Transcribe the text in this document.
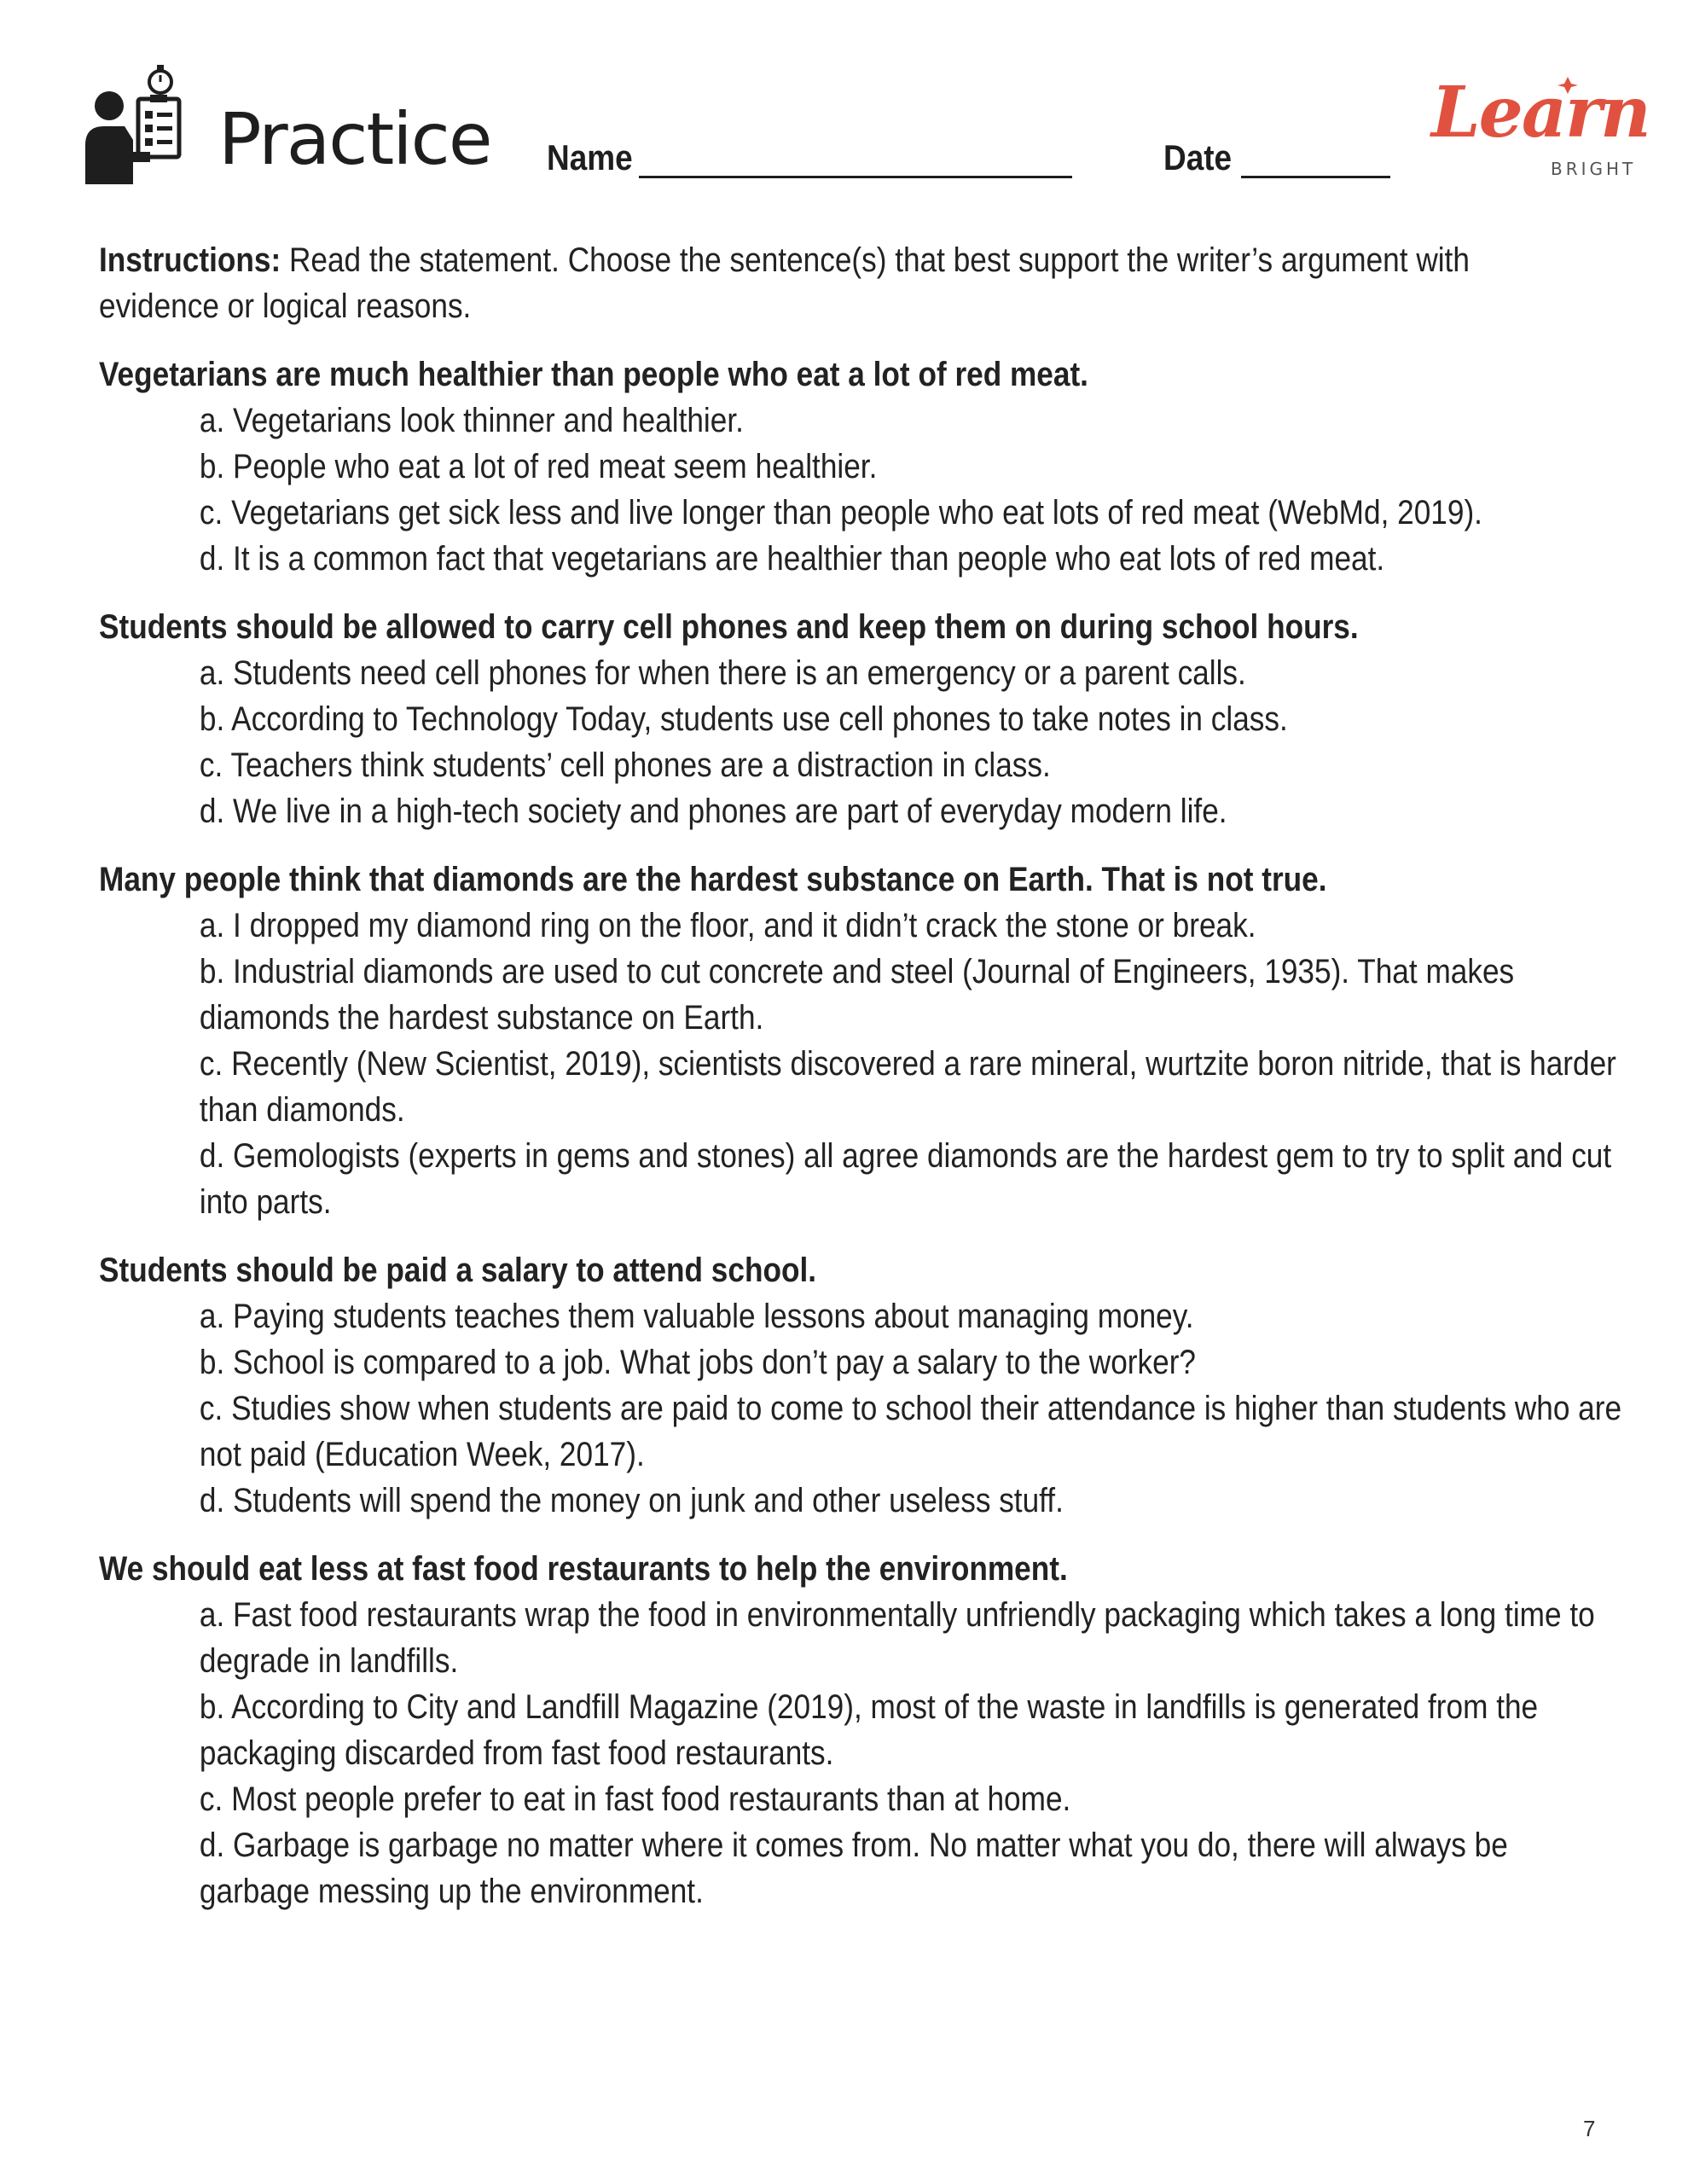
Practice Name	Date
Learn
BRIGHT

Instructions: Read the statement. Choose the sentence(s) that best support the writer’s argument with evidence or logical reasons.

Vegetarians are much healthier than people who eat a lot of red meat.
a. Vegetarians look thinner and healthier.
b. People who eat a lot of red meat seem healthier.
c. Vegetarians get sick less and live longer than people who eat lots of red meat (WebMd, 2019).
d. It is a common fact that vegetarians are healthier than people who eat lots of red meat.
Students should be allowed to carry cell phones and keep them on during school hours.
a. Students need cell phones for when there is an emergency or a parent calls.
b. According to Technology Today, students use cell phones to take notes in class.
c. Teachers think students’ cell phones are a distraction in class.
d. We live in a high-tech society and phones are part of everyday modern life.
Many people think that diamonds are the hardest substance on Earth. That is not true.
a. I dropped my diamond ring on the floor, and it didn’t crack the stone or break.
b. Industrial diamonds are used to cut concrete and steel (Journal of Engineers, 1935). That makes diamonds the hardest substance on Earth.
c. Recently (New Scientist, 2019), scientists discovered a rare mineral, wurtzite boron nitride, that is harder than diamonds.
d. Gemologists (experts in gems and stones) all agree diamonds are the hardest gem to try to split and cut into parts.
Students should be paid a salary to attend school.
a. Paying students teaches them valuable lessons about managing money.
b. School is compared to a job. What jobs don’t pay a salary to the worker?
c. Studies show when students are paid to come to school their attendance is higher than students who are not paid (Education Week, 2017).
d. Students will spend the money on junk and other useless stuff.
We should eat less at fast food restaurants to help the environment.
a. Fast food restaurants wrap the food in environmentally unfriendly packaging which takes a long time to degrade in landfills.
b. According to City and Landfill Magazine (2019), most of the waste in landfills is generated from the packaging discarded from fast food restaurants.
c. Most people prefer to eat in fast food restaurants than at home.
d. Garbage is garbage no matter where it comes from. No matter what you do, there will always be garbage messing up the environment.
7
